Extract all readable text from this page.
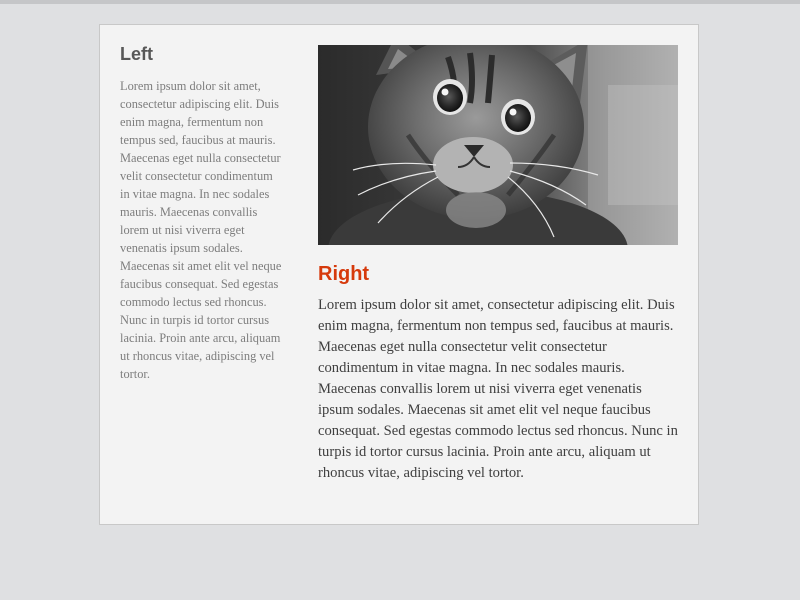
Left

Lorem ipsum dolor sit amet, consectetur adipiscing elit. Duis enim magna, fermentum non tempus sed, faucibus at mauris. Maecenas eget nulla consectetur velit consectetur condimentum in vitae magna. In nec sodales mauris. Maecenas convallis lorem ut nisi viverra eget venenatis ipsum sodales. Maecenas sit amet elit vel neque faucibus consequat. Sed egestas commodo lectus sed rhoncus. Nunc in turpis id tortor cursus lacinia. Proin ante arcu, aliquam ut rhoncus vitae, adipiscing vel tortor.

Right

Lorem ipsum dolor sit amet, consectetur adipiscing elit. Duis enim magna, fermentum non tempus sed, faucibus at mauris. Maecenas eget nulla consectetur velit consectetur condimentum in vitae magna. In nec sodales mauris. Maecenas convallis lorem ut nisi viverra eget venenatis ipsum sodales. Maecenas sit amet elit vel neque faucibus consequat. Sed egestas commodo lectus sed rhoncus. Nunc in turpis id tortor cursus lacinia. Proin ante arcu, aliquam ut rhoncus vitae, adipiscing vel tortor.
